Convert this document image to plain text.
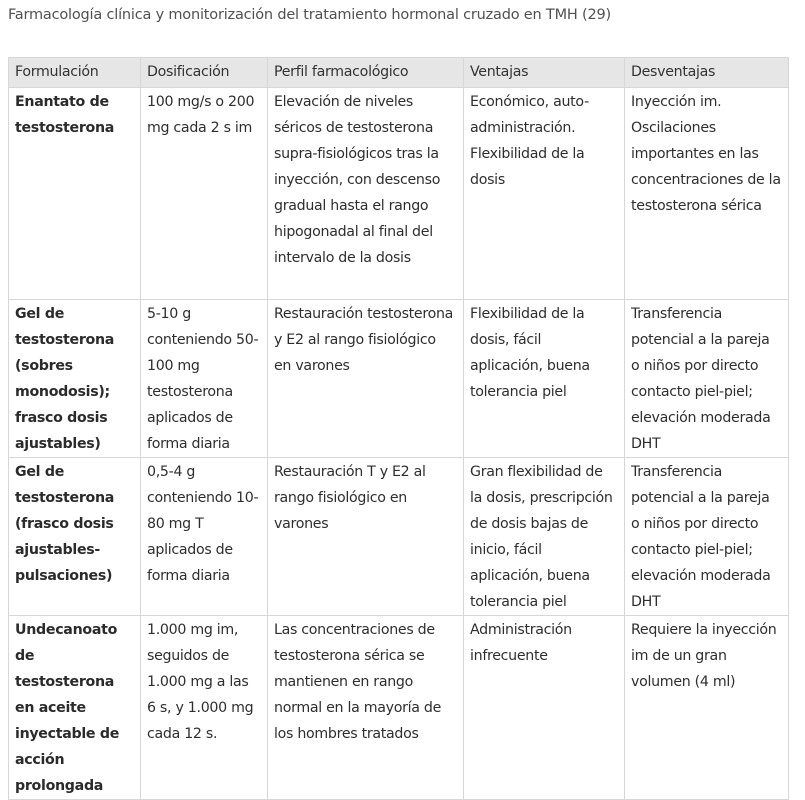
Farmacología clínica y monitorización del tratamiento hormonal cruzado en TMH (29)
Formulación	Dosificación	Perfil farmacológico	Ventajas	Desventajas
Enantato de testosterona	100 mg/s o 200 mg cada 2 s im	Elevación de niveles séricos de testosterona supra-fisiológicos tras la inyección, con descenso gradual hasta el rango hipogonadal al final del intervalo de la dosis	Económico, auto-administración. Flexibilidad de la dosis	Inyección im. Oscilaciones importantes en las concentraciones de la testosterona sérica
Gel de testosterona (sobres monodosis); frasco dosis ajustables)	5-10 g conteniendo 50-100 mg testosterona aplicados de forma diaria	Restauración testosterona y E2 al rango fisiológico en varones	Flexibilidad de la dosis, fácil aplicación, buena tolerancia piel	Transferencia potencial a la pareja o niños por directo contacto piel-piel; elevación moderada DHT
Gel de testosterona (frasco dosis ajustables-pulsaciones)	0,5-4 g conteniendo 10-80 mg T aplicados de forma diaria	Restauración T y E2 al rango fisiológico en varones	Gran flexibilidad de la dosis, prescripción de dosis bajas de inicio, fácil aplicación, buena tolerancia piel	Transferencia potencial a la pareja o niños por directo contacto piel-piel; elevación moderada DHT
Undecanoato de testosterona en aceite inyectable de acción prolongada	1.000 mg im, seguidos de 1.000 mg a las 6 s, y 1.000 mg cada 12 s.	Las concentraciones de testosterona sérica se mantienen en rango normal en la mayoría de los hombres tratados	Administración infrecuente	Requiere la inyección im de un gran volumen (4 ml)
